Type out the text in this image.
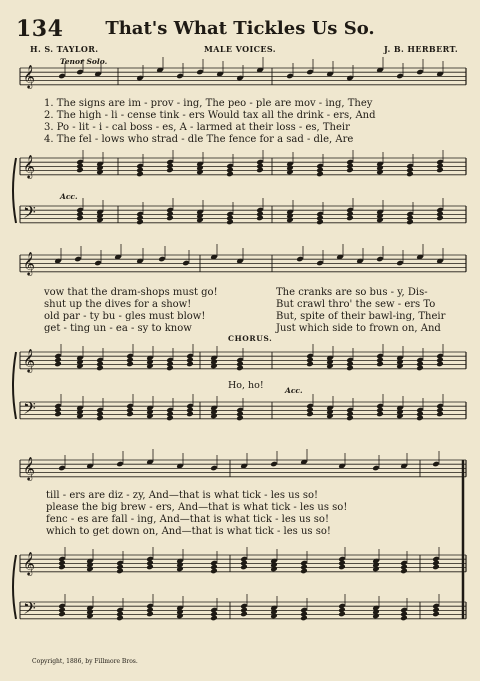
134	That's What Tickles Us So.
H. S. TAYLOR.	MALE VOICES.	J. B. HERBERT.
𝄞
𝄞
𝄢
𝄞
𝄞
𝄢
𝄞
𝄞
𝄢
Tenor Solo.
Acc.
CHORUS.
Ho, ho!	Acc.
1. The signs are im - prov - ing, The peo - ple are mov - ing, They
2. The high - li - cense tink - ers Would tax all the drink - ers, And
3. Po - lit - i - cal boss - es, A - larmed at their loss - es, Their
4. The fel - lows who strad - dle The fence for a sad - dle, Are
vow that the dram-shops must go!
shut up the dives for a show!
old par - ty bu - gles must blow!
get - ting un - ea - sy to know
The cranks are so bus - y, Dis-
But crawl thro' the sew - ers To
But, spite of their bawl-ing, Their
Just which side to frown on, And
till - ers are diz - zy, And—that is what tick - les us so!
please the big brew - ers, And—that is what tick - les us so!
fenc - es are fall - ing, And—that is what tick - les us so!
which to get down on, And—that is what tick - les us so!
Copyright, 1886, by Fillmore Bros.
